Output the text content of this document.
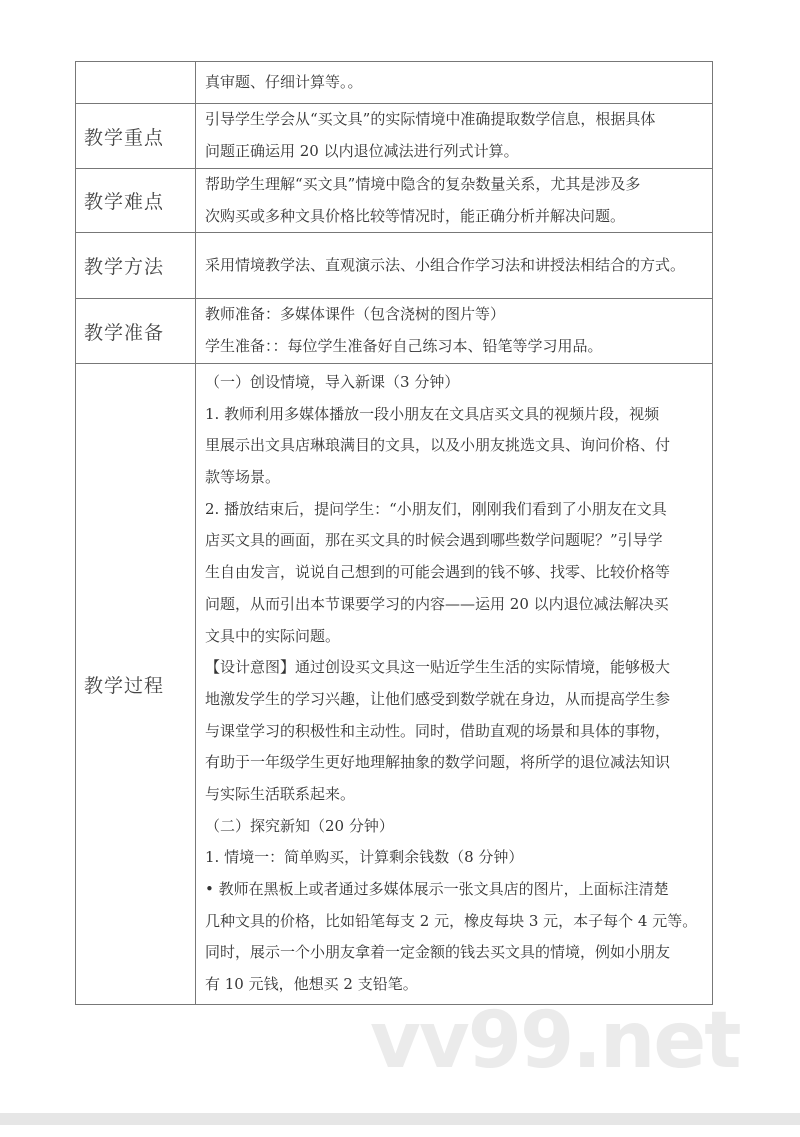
真审题、仔细计算等。。
教学重点
引导学生学会从“买文具”的实际情境中准确提取数学信息，根据具体
问题正确运用 20 以内退位减法进行列式计算。
教学难点
帮助学生理解“买文具”情境中隐含的复杂数量关系，尤其是涉及多
次购买或多种文具价格比较等情况时，能正确分析并解决问题。
教学方法	采用情境教学法、直观演示法、小组合作学习法和讲授法相结合的方式。
教学准备
教师准备：多媒体课件（包含浇树的图片等）
学生准备：：每位学生准备好自己练习本、铅笔等学习用品。
教学过程
（一）创设情境，导入新课（3 分钟）
1. 教师利用多媒体播放一段小朋友在文具店买文具的视频片段，视频
里展示出文具店琳琅满目的文具，以及小朋友挑选文具、询问价格、付
款等场景。
2. 播放结束后，提问学生：“小朋友们，刚刚我们看到了小朋友在文具
店买文具的画面，那在买文具的时候会遇到哪些数学问题呢？”引导学
生自由发言，说说自己想到的可能会遇到的钱不够、找零、比较价格等
问题，从而引出本节课要学习的内容——运用 20 以内退位减法解决买
文具中的实际问题。
【设计意图】通过创设买文具这一贴近学生生活的实际情境，能够极大
地激发学生的学习兴趣，让他们感受到数学就在身边，从而提高学生参
与课堂学习的积极性和主动性。同时，借助直观的场景和具体的事物，
有助于一年级学生更好地理解抽象的数学问题，将所学的退位减法知识
与实际生活联系起来。
（二）探究新知（20 分钟）
1. 情境一：简单购买，计算剩余钱数（8 分钟）
• 教师在黑板上或者通过多媒体展示一张文具店的图片，上面标注清楚
几种文具的价格，比如铅笔每支 2 元，橡皮每块 3 元，本子每个 4 元等。
同时，展示一个小朋友拿着一定金额的钱去买文具的情境，例如小朋友
有 10 元钱，他想买 2 支铅笔。
vv99.net
